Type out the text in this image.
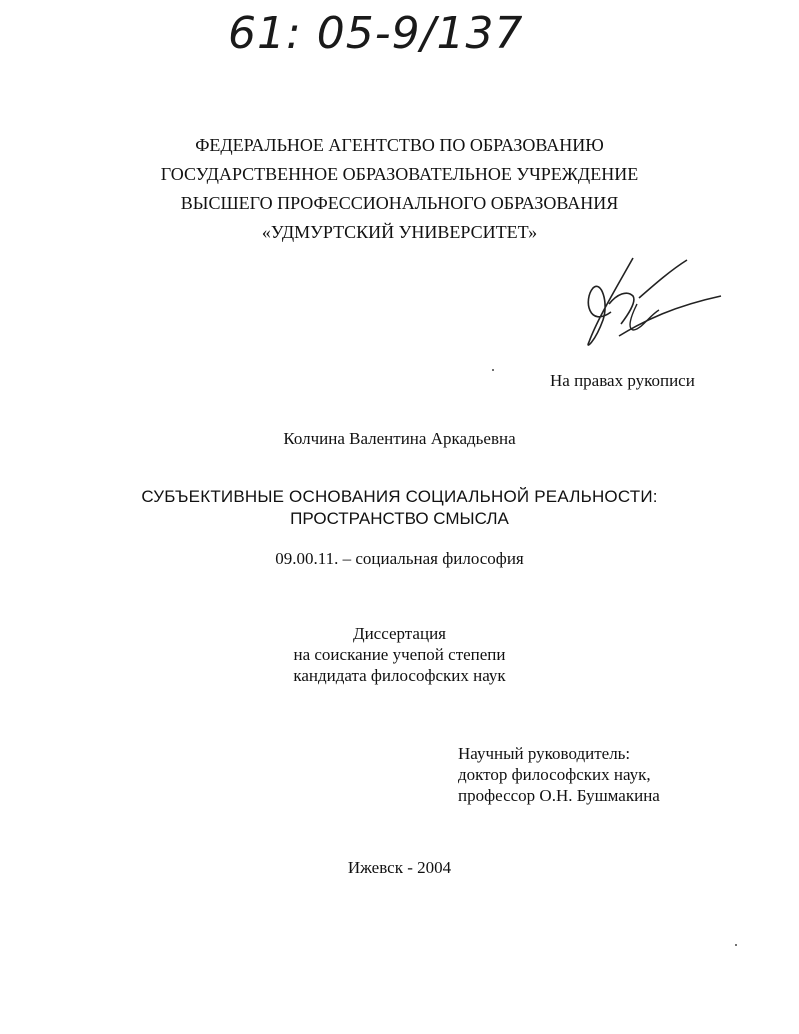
61: 05-9/137
ФЕДЕРАЛЬНОЕ АГЕНТСТВО ПО ОБРАЗОВАНИЮ
ГОСУДАРСТВЕННОЕ ОБРАЗОВАТЕЛЬНОЕ УЧРЕЖДЕНИЕ
ВЫСШЕГО ПРОФЕССИОНАЛЬНОГО ОБРАЗОВАНИЯ
«УДМУРТСКИЙ УНИВЕРСИТЕТ»
На правах рукописи
Колчина Валентина Аркадьевна
СУБЪЕКТИВНЫЕ ОСНОВАНИЯ СОЦИАЛЬНОЙ РЕАЛЬНОСТИ:
ПРОСТРАНСТВО СМЫСЛА
09.00.11. – социальная философия
Диссертация
на соискание учепой степепи
кандидата философских наук
Научный руководитель:
доктор философских наук,
профессор О.Н. Бушмакина
Ижевск - 2004
